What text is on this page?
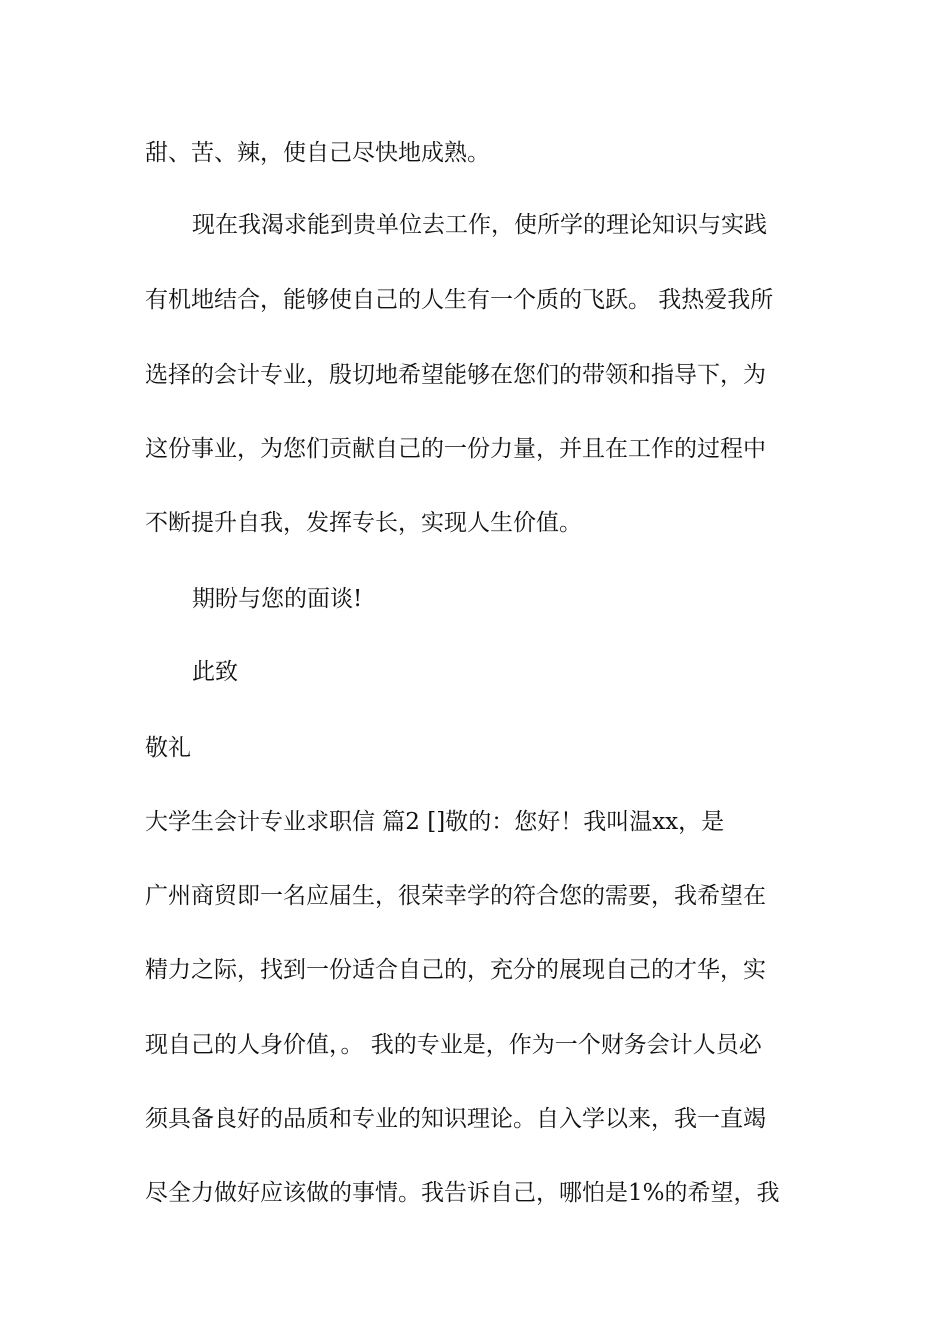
甜、苦、辣，使自己尽快地成熟。
现在我渴求能到贵单位去工作，使所学的理论知识与实践
有机地结合，能够使自己的人生有一个质的飞跃。 我热爱我所
选择的会计专业，殷切地希望能够在您们的带领和指导下，为
这份事业，为您们贡献自己的一份力量，并且在工作的过程中
不断提升自我，发挥专长，实现人生价值。
期盼与您的面谈!
此致
敬礼
大学生会计专业求职信 篇2 []敬的：您好！我叫温xx，是
广州商贸即一名应届生，很荣幸学的符合您的需要，我希望在
精力之际，找到一份适合自己的，充分的展现自己的才华，实
现自己的人身价值，。 我的专业是，作为一个财务会计人员必
须具备良好的品质和专业的知识理论。自入学以来，我一直竭
尽全力做好应该做的事情。我告诉自己，哪怕是1%的希望，我
